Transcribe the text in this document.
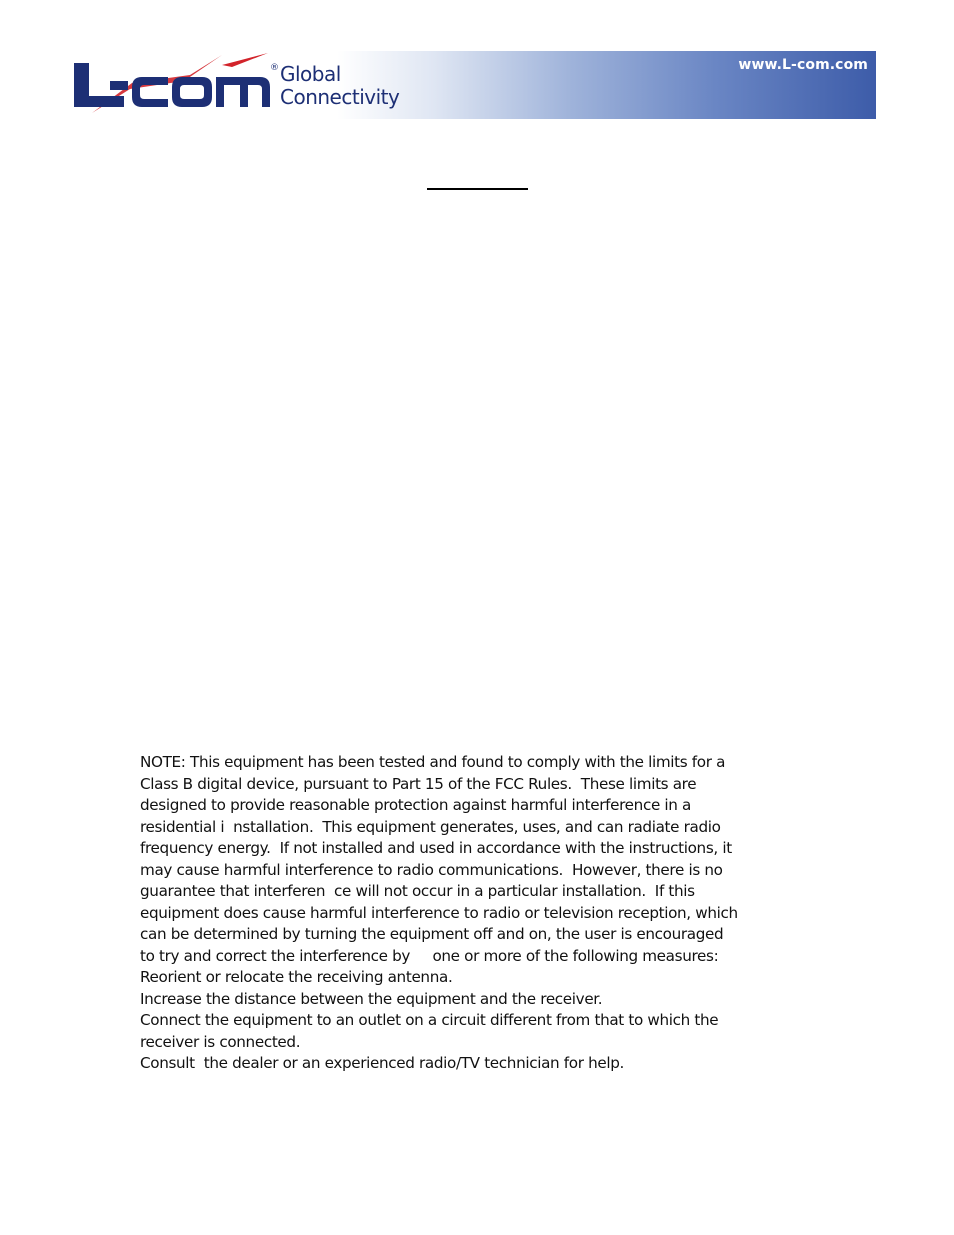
® Global
Connectivity
www.L-com.com

NOTE: This equipment has been tested and found to comply with the limits for a

Class B digital device, pursuant to Part 15 of the FCC Rules.  These limits are

designed to provide reasonable protection against harmful interference in a

residential i  nstallation.  This equipment generates, uses, and can radiate radio

frequency energy.  If not installed and used in accordance with the instructions, it

may cause harmful interference to radio communications.  However, there is no

guarantee that interferen  ce will not occur in a particular installation.  If this

equipment does cause harmful interference to radio or television reception, which

can be determined by turning the equipment off and on, the user is encouraged

to try and correct the interference by     one or more of the following measures:

Reorient or relocate the receiving antenna.

Increase the distance between the equipment and the receiver.

Connect the equipment to an outlet on a circuit different from that to which the

receiver is connected.

Consult  the dealer or an experienced radio/TV technician for help.
